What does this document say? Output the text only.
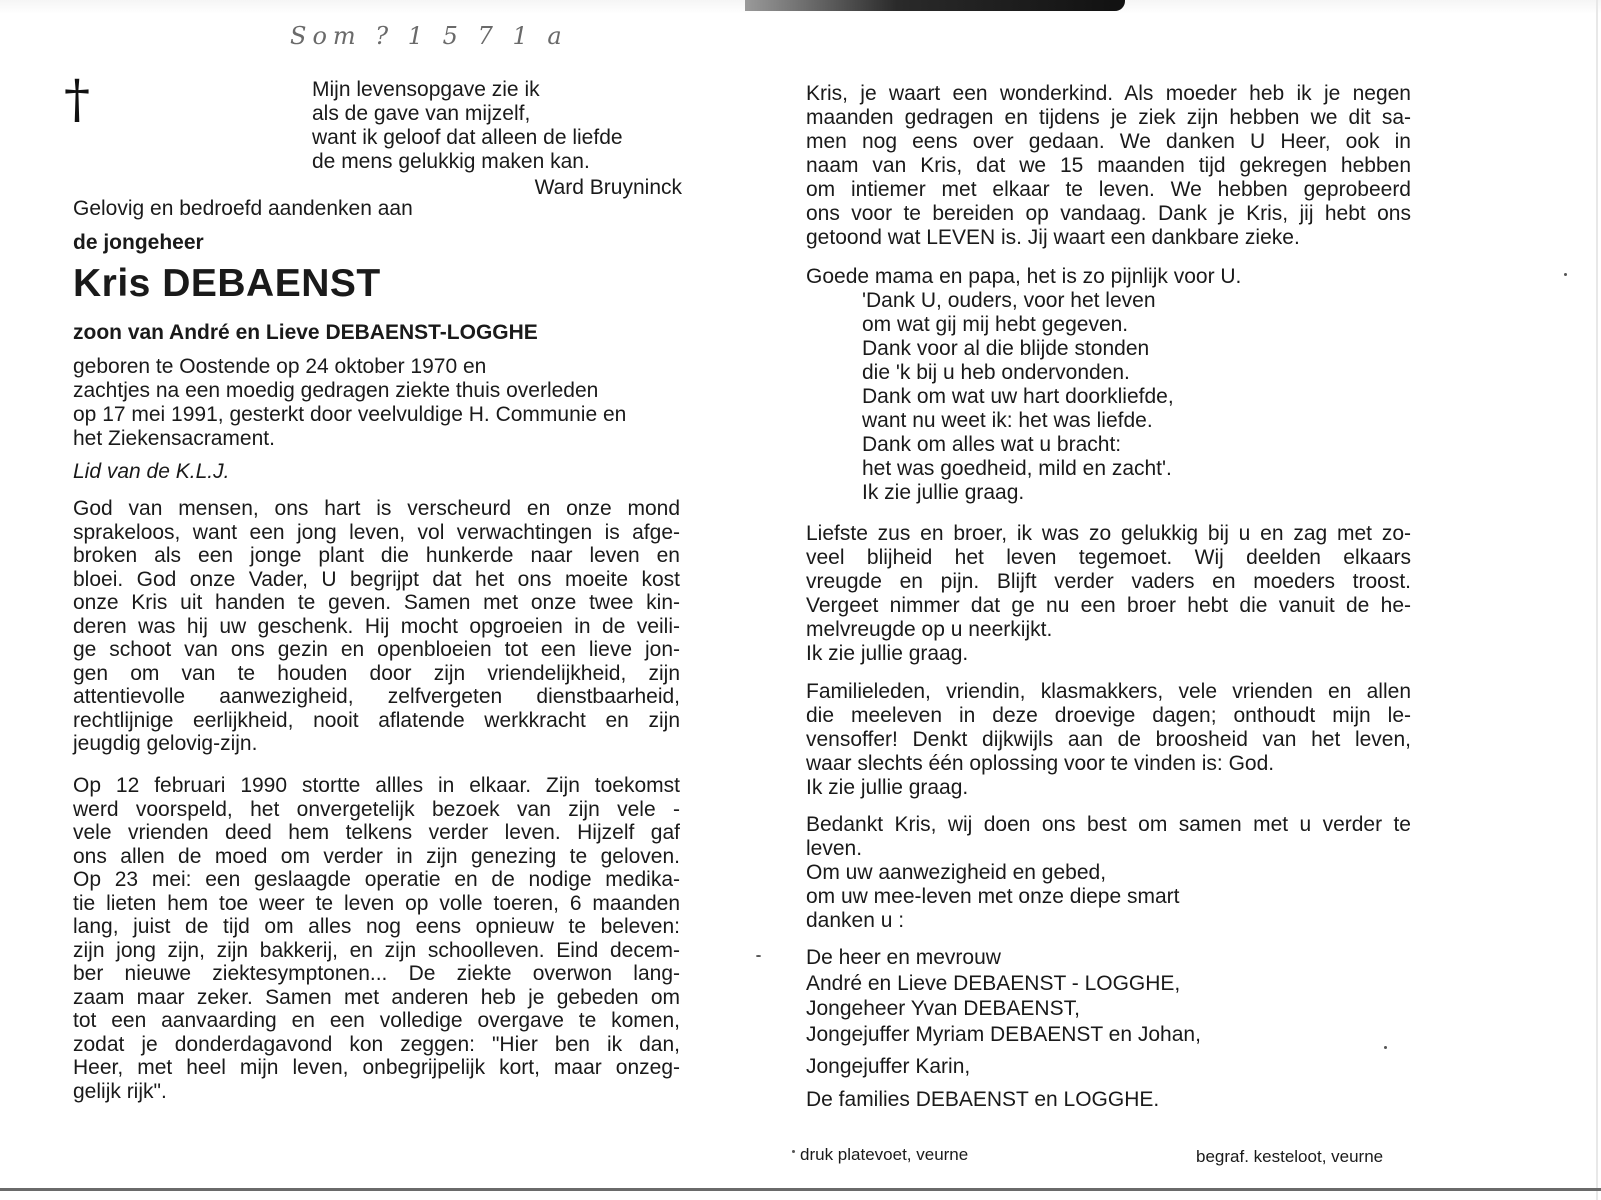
Som ? 1 5 7 1 a
†	Mijn levensopgave zie ik
als de gave van mijzelf,
want ik geloof dat alleen de liefde
de mens gelukkig maken kan.
Ward Bruyninck
Gelovig en bedroefd aandenken aan
de jongeheer
Kris DEBAENST
zoon van André en Lieve DEBAENST-LOGGHE
geboren te Oostende op 24 oktober 1970 en
zachtjes na een moedig gedragen ziekte thuis overleden
op 17 mei 1991, gesterkt door veelvuldige H. Communie en
het Ziekensacrament.
Lid van de K.L.J.
God van mensen, ons hart is verscheurd en onze mond
sprakeloos, want een jong leven, vol verwachtingen is afge-
broken als een jonge plant die hunkerde naar leven en
bloei. God onze Vader, U begrijpt dat het ons moeite kost
onze Kris uit handen te geven. Samen met onze twee kin-
deren was hij uw geschenk. Hij mocht opgroeien in de veili-
ge schoot van ons gezin en openbloeien tot een lieve jon-
gen om van te houden door zijn vriendelijkheid, zijn
attentievolle aanwezigheid, zelfvergeten dienstbaarheid,
rechtlijnige eerlijkheid, nooit aflatende werkkracht en zijn
jeugdig gelovig-zijn.
Op 12 februari 1990 stortte allles in elkaar. Zijn toekomst
werd voorspeld, het onvergetelijk bezoek van zijn vele -
vele vrienden deed hem telkens verder leven. Hijzelf gaf
ons allen de moed om verder in zijn genezing te geloven.
Op 23 mei: een geslaagde operatie en de nodige medika-
tie lieten hem toe weer te leven op volle toeren, 6 maanden
lang, juist de tijd om alles nog eens opnieuw te beleven:
zijn jong zijn, zijn bakkerij, en zijn schoolleven. Eind decem-
ber nieuwe ziektesymptonen... De ziekte overwon lang-
zaam maar zeker. Samen met anderen heb je gebeden om
tot een aanvaarding en een volledige overgave te komen,
zodat je donderdagavond kon zeggen: "Hier ben ik dan,
Heer, met heel mijn leven, onbegrijpelijk kort, maar onzeg-
gelijk rijk".
Kris, je waart een wonderkind. Als moeder heb ik je negen
maanden gedragen en tijdens je ziek zijn hebben we dit sa-
men nog eens over gedaan. We danken U Heer, ook in
naam van Kris, dat we 15 maanden tijd gekregen hebben
om intiemer met elkaar te leven. We hebben geprobeerd
ons voor te bereiden op vandaag. Dank je Kris, jij hebt ons
getoond wat LEVEN is. Jij waart een dankbare zieke.
Goede mama en papa, het is zo pijnlijk voor U.
'Dank U, ouders, voor het leven
om wat gij mij hebt gegeven.
Dank voor al die blijde stonden
die 'k bij u heb ondervonden.
Dank om wat uw hart doorkliefde,
want nu weet ik: het was liefde.
Dank om alles wat u bracht:
het was goedheid, mild en zacht'.
Ik zie jullie graag.
Liefste zus en broer, ik was zo gelukkig bij u en zag met zo-
veel blijheid het leven tegemoet. Wij deelden elkaars
vreugde en pijn. Blijft verder vaders en moeders troost.
Vergeet nimmer dat ge nu een broer hebt die vanuit de he-
melvreugde op u neerkijkt.
Ik zie jullie graag.
Familieleden, vriendin, klasmakkers, vele vrienden en allen
die meeleven in deze droevige dagen; onthoudt mijn le-
vensoffer! Denkt dijkwijls aan de broosheid van het leven,
waar slechts één oplossing voor te vinden is: God.
Ik zie jullie graag.
Bedankt Kris, wij doen ons best om samen met u verder te
leven.
Om uw aanwezigheid en gebed,
om uw mee-leven met onze diepe smart
danken u :
De heer en mevrouw
André en Lieve DEBAENST - LOGGHE,
Jongeheer Yvan DEBAENST,
Jongejuffer Myriam DEBAENST en Johan,
Jongejuffer Karin,
De families DEBAENST en LOGGHE.
druk platevoet, veurne	begraf. kesteloot, veurne
